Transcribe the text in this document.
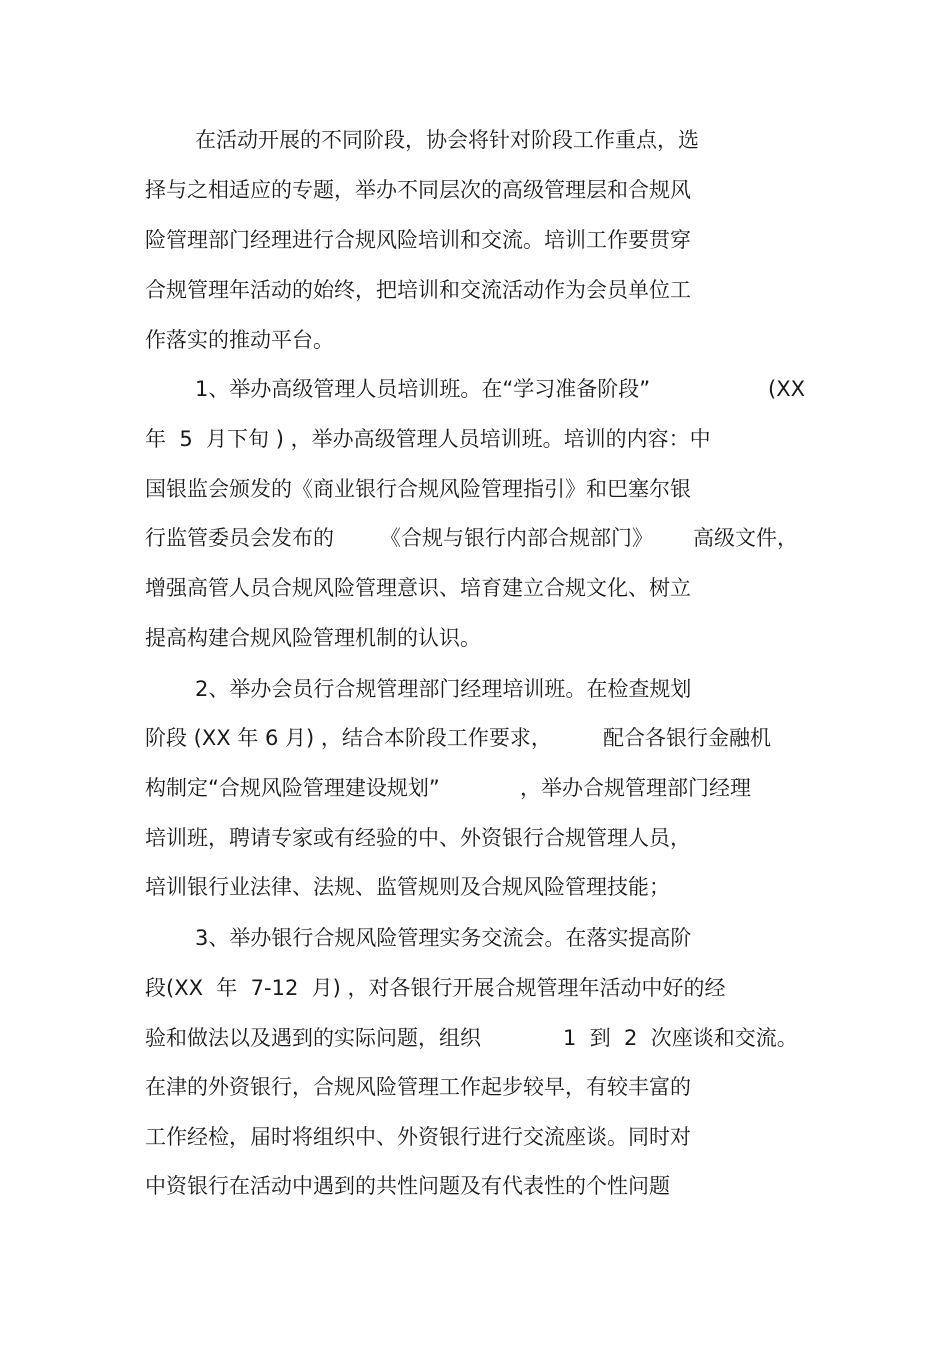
在活动开展的不同阶段，协会将针对阶段工作重点，选
择与之相适应的专题，举办不同层次的高级管理层和合规风
险管理部门经理进行合规风险培训和交流。培训工作要贯穿
合规管理年活动的始终，把培训和交流活动作为会员单位工
作落实的推动平台。
1、举办高级管理人员培训班。在“学习准备阶段”	(XX
年  5  月下旬 ) ，举办高级管理人员培训班。培训的内容：中
国银监会颁发的《商业银行合规风险管理指引》和巴塞尔银
行监管委员会发布的 《合规与银行内部合规部门》 高级文件，
增强高管人员合规风险管理意识、培育建立合规文化、树立
提高构建合规风险管理机制的认识。
2、举办会员行合规管理部门经理培训班。在检查规划
阶段 (XX 年 6 月) ，结合本阶段工作要求， 配合各银行金融机
构制定“合规风险管理建设规划”	，举办合规管理部门经理
培训班，聘请专家或有经验的中、外资银行合规管理人员，
培训银行业法律、法规、监管规则及合规风险管理技能；
3、举办银行合规风险管理实务交流会。在落实提高阶
段(XX  年  7-12  月) ，对各银行开展合规管理年活动中好的经
验和做法以及遇到的实际问题，组织	1  到  2  次座谈和交流。
在津的外资银行，合规风险管理工作起步较早，有较丰富的
工作经检，届时将组织中、外资银行进行交流座谈。同时对
中资银行在活动中遇到的共性问题及有代表性的个性问题
